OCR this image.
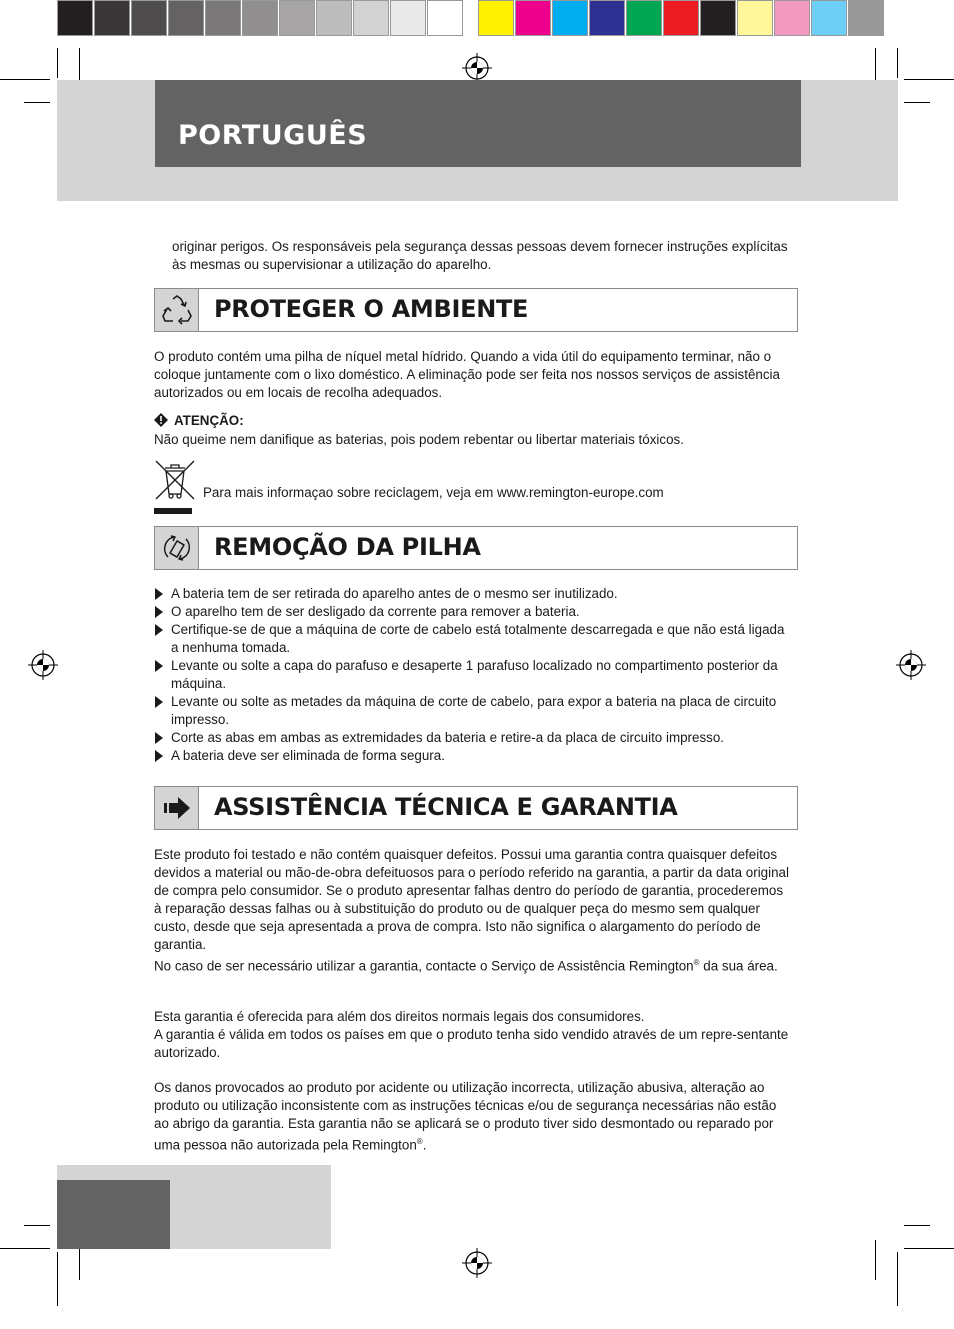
PORTUGUÊS

originar perigos. Os responsáveis pela segurança dessas pessoas devem fornecer instruções explícitas

às mesmas ou supervisionar a utilização do aparelho.

PROTEGER O AMBIENTE

O produto contém uma pilha de níquel metal hídrido. Quando a vida útil do equipamento terminar, não o coloque juntamente com o lixo doméstico. A eliminação pode ser feita nos nossos serviços de assistência autorizados ou em locais de recolha adequados.

ATENÇÃO:

Não queime nem danifique as baterias, pois podem rebentar ou libertar materiais tóxicos.

Para mais informaçao sobre reciclagem, veja em www.remington-europe.com

REMOÇÃO DA PILHA
A bateria tem de ser retirada do aparelho antes de o mesmo ser inutilizado.
O aparelho tem de ser desligado da corrente para remover a bateria.
Certifique-se de que a máquina de corte de cabelo está totalmente descarregada e que não está ligada a nenhuma tomada.
Levante ou solte a capa do parafuso e desaperte 1 parafuso localizado no compartimento posterior da máquina.
Levante ou solte as metades da máquina de corte de cabelo, para expor a bateria na placa de circuito impresso.
Corte as abas em ambas as extremidades da bateria e retire-a da placa de circuito impresso.
A bateria deve ser eliminada de forma segura.
ASSISTÊNCIA TÉCNICA E GARANTIA

Este produto foi testado e não contém quaisquer defeitos. Possui uma garantia contra quaisquer defeitos devidos a material ou mão-de-obra defeituosos para o período referido na garantia, a partir da data original de compra pelo consumidor. Se o produto apresentar falhas dentro do período de garantia, procederemos à reparação dessas falhas ou à substituição do produto ou de qualquer peça do mesmo sem qualquer custo, desde que seja apresentada a prova de compra. Isto não significa o alargamento do período de garantia.

No caso de ser necessário utilizar a garantia, contacte o Serviço de Assistência Remington® da sua área.

Esta garantia é oferecida para além dos direitos normais legais dos consumidores.

A garantia é válida em todos os países em que o produto tenha sido vendido através de um repre-sentante autorizado.

Os danos provocados ao produto por acidente ou utilização incorrecta, utilização abusiva, alteração ao produto ou utilização inconsistente com as instruções técnicas e/ou de segurança necessárias não estão ao abrigo da garantia. Esta garantia não se aplicará se o produto tiver sido desmontado ou reparado por uma pessoa não autorizada pela Remington®.
